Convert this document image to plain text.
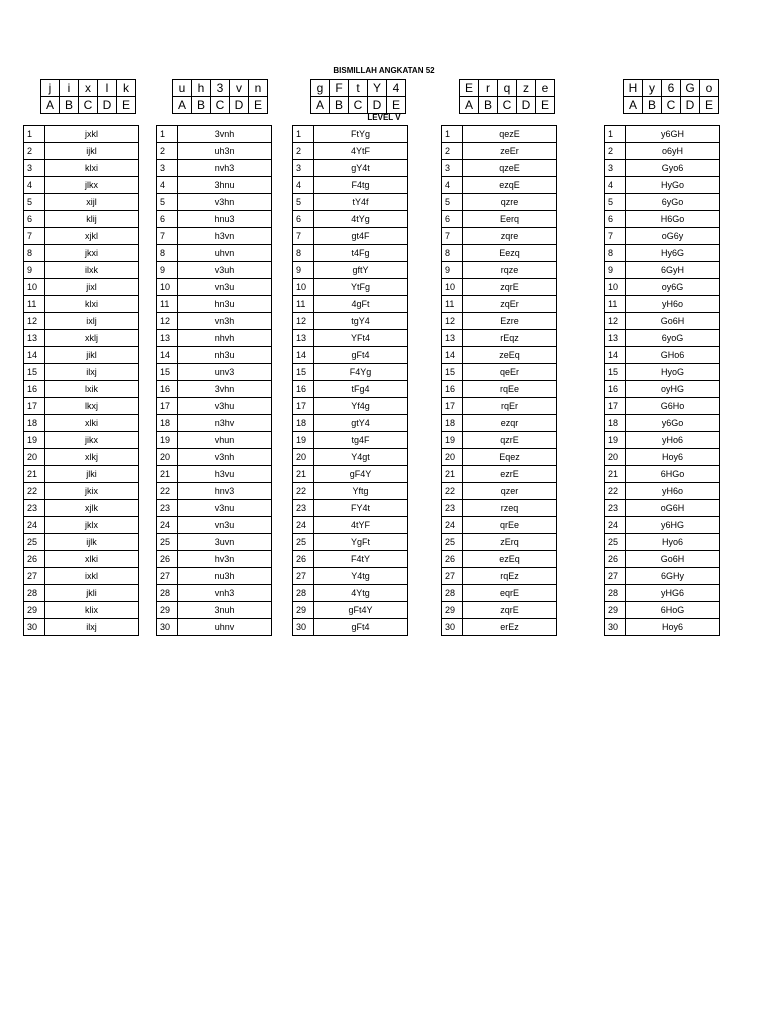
BISMILLAH ANGKATAN 52
j	i	x	l	k
A	B	C	D	E
u	h	3	v	n
A	B	C	D	E
g	F	t	Y	4
A	B	C	D	E
E	r	q	z	e
A	B	C	D	E
H	y	6	G	o
A	B	C	D	E
LEVEL V
1	jxkl
2	ijkl
3	klxi
4	jlkx
5	xijl
6	klij
7	xjkl
8	jkxi
9	ilxk
10	jixl
11	klxi
12	ixlj
13	xklj
14	jikl
15	ilxj
16	lxik
17	lkxj
18	xlki
19	jikx
20	xlkj
21	jlki
22	jkix
23	xjlk
24	jklx
25	ijlk
26	xlki
27	ixkl
28	jkli
29	klix
30	ilxj
1	3vnh
2	uh3n
3	nvh3
4	3hnu
5	v3hn
6	hnu3
7	h3vn
8	uhvn
9	v3uh
10	vn3u
11	hn3u
12	vn3h
13	nhvh
14	nh3u
15	unv3
16	3vhn
17	v3hu
18	n3hv
19	vhun
20	v3nh
21	h3vu
22	hnv3
23	v3nu
24	vn3u
25	3uvn
26	hv3n
27	nu3h
28	vnh3
29	3nuh
30	uhnv
1	FtYg
2	4YtF
3	gY4t
4	F4tg
5	tY4f
6	4tYg
7	gt4F
8	t4Fg
9	gftY
10	YtFg
11	4gFt
12	tgY4
13	YFt4
14	gFt4
15	F4Yg
16	tFg4
17	Yf4g
18	gtY4
19	tg4F
20	Y4gt
21	gF4Y
22	Yftg
23	FY4t
24	4tYF
25	YgFt
26	F4tY
27	Y4tg
28	4Ytg
29	gFt4Y
30	gFt4
1	qezE
2	zeEr
3	qzeE
4	ezqE
5	qzre
6	Eerq
7	zqre
8	Eezq
9	rqze
10	zqrE
11	zqEr
12	Ezre
13	rEqz
14	zeEq
15	qeEr
16	rqEe
17	rqEr
18	ezqr
19	qzrE
20	Eqez
21	ezrE
22	qzer
23	rzeq
24	qrEe
25	zErq
26	ezEq
27	rqEz
28	eqrE
29	zqrE
30	erEz
1	y6GH
2	o6yH
3	Gyo6
4	HyGo
5	6yGo
6	H6Go
7	oG6y
8	Hy6G
9	6GyH
10	oy6G
11	yH6o
12	Go6H
13	6yoG
14	GHo6
15	HyoG
16	oyHG
17	G6Ho
18	y6Go
19	yHo6
20	Hoy6
21	6HGo
22	yH6o
23	oG6H
24	y6HG
25	Hyo6
26	Go6H
27	6GHy
28	yHG6
29	6HoG
30	Hoy6
